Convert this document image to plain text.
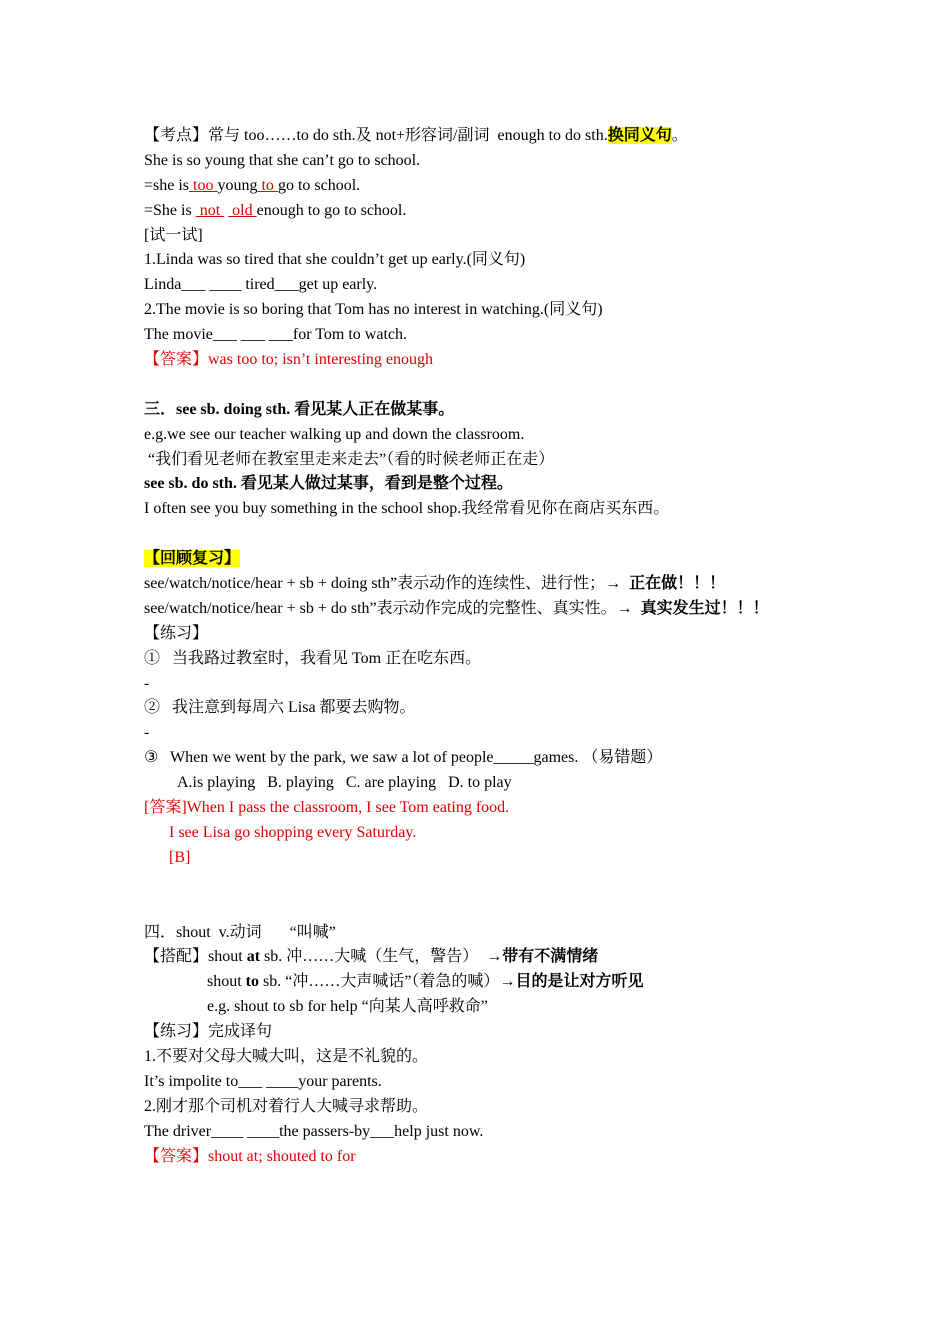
【考点】常与 too……to do sth.及 not+形容词/副词  enough to do sth.换同义句。
She is so young that she can’t go to school.
=she is too young to go to school.
=She is  not   old enough to go to school.
[试一试]
1.Linda was so tired that she couldn’t get up early.(同义句)
Linda___ ____ tired___get up early.
2.The movie is so boring that Tom has no interest in watching.(同义句)
The movie___ ___ ___for Tom to watch.
【答案】was too to; isn’t interesting enough
三．see sb. doing sth. 看见某人正在做某事。
e.g.we see our teacher walking up and down the classroom.
“我们看见老师在教室里走来走去”（看的时候老师正在走）
see sb. do sth. 看见某人做过某事，看到是整个过程。
I often see you buy something in the school shop.我经常看见你在商店买东西。
【回顾复习】
see/watch/notice/hear + sb + doing sth”表示动作的连续性、进行性；→  正在做！！！
see/watch/notice/hear + sb + do sth”表示动作完成的完整性、真实性。→  真实发生过！！！
【练习】
①   当我路过教室时，我看见 Tom 正在吃东西。
-
②   我注意到每周六 Lisa 都要去购物。
-
③   When we went by the park, we saw a lot of people_____games. （易错题）
A.is playing   B. playing   C. are playing   D. to play
[答案]When I pass the classroom, I see Tom eating food.
I see Lisa go shopping every Saturday.
[B]
四．shout  v.动词       “叫喊”
【搭配】shout at sb. 冲……大喊（生气，警告）  →带有不满情绪
shout to sb. “冲……大声喊话”（着急的喊）→目的是让对方听见
e.g. shout to sb for help “向某人高呼救命”
【练习】完成译句
1.不要对父母大喊大叫，这是不礼貌的。
It’s impolite to___ ____your parents.
2.刚才那个司机对着行人大喊寻求帮助。
The driver____ ____the passers-by___help just now.
【答案】shout at; shouted to for
